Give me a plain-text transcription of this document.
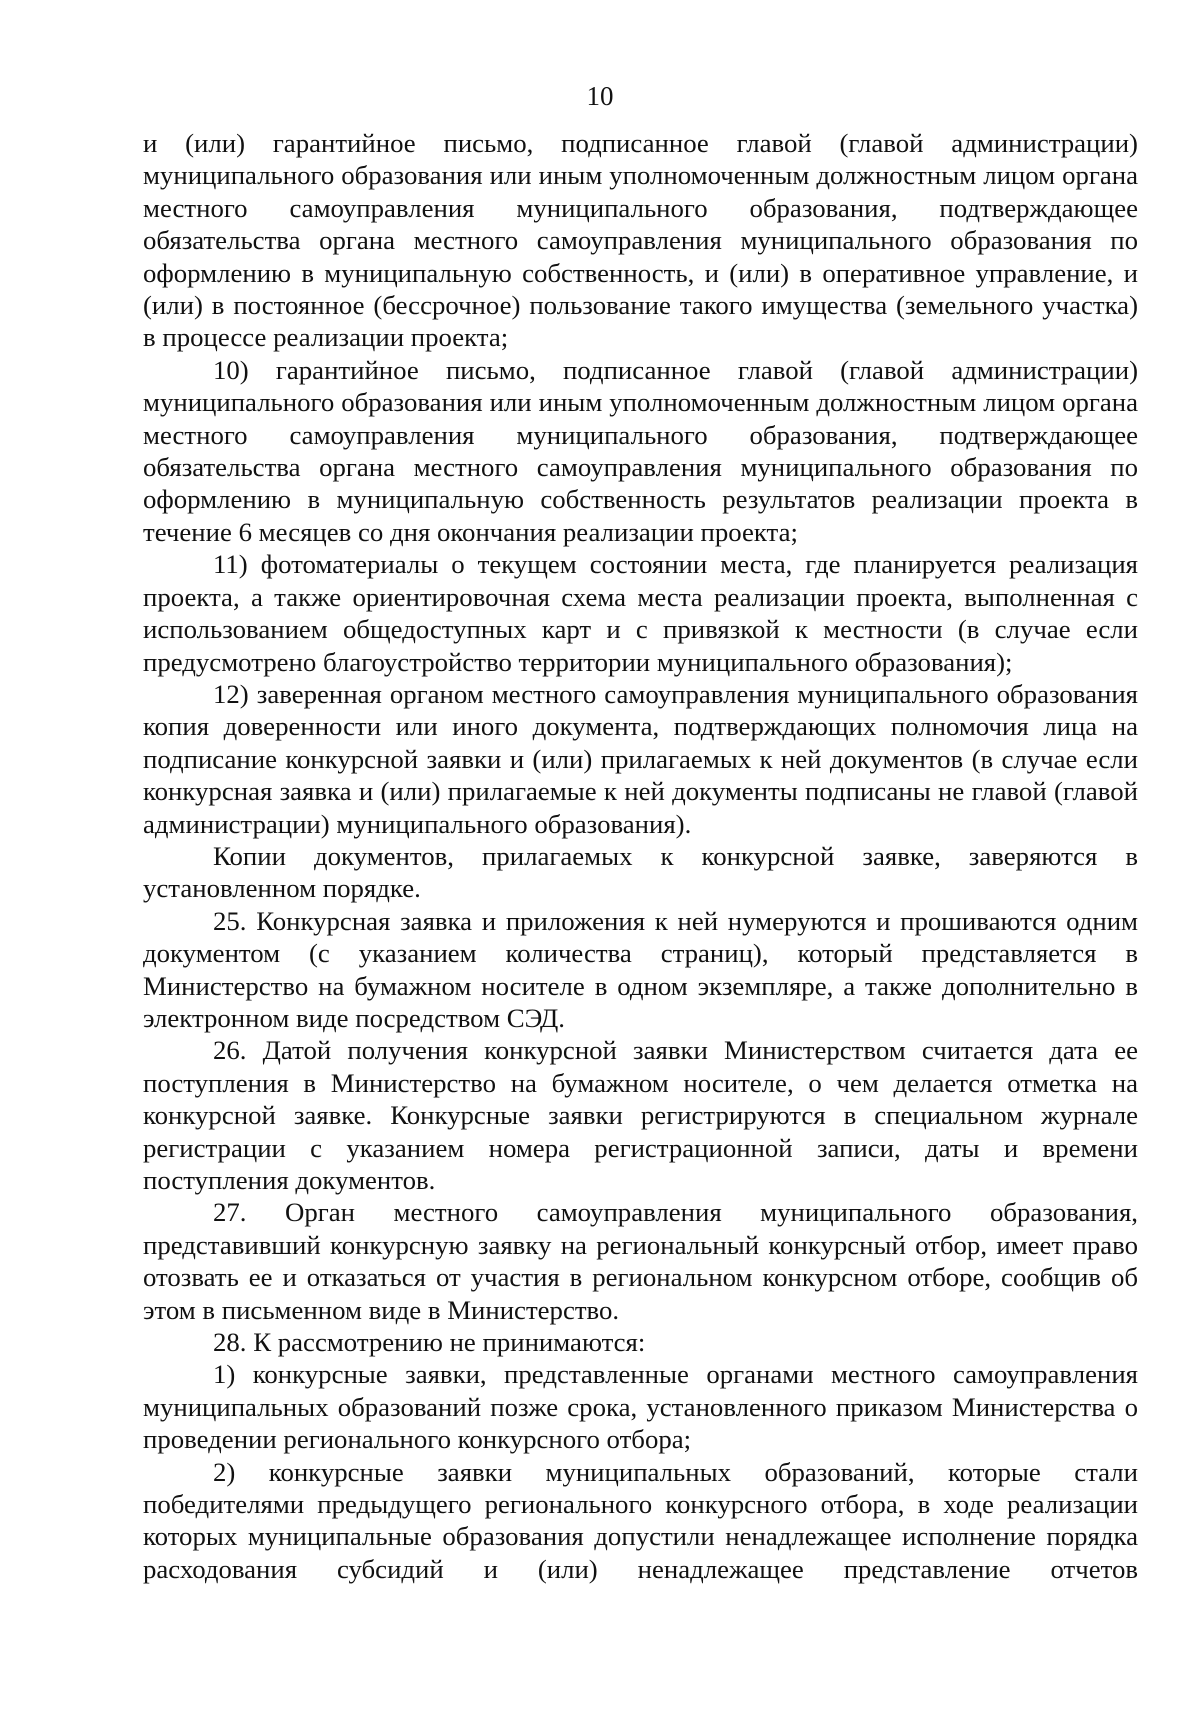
10

и (или) гарантийное письмо, подписанное главой (главой администрации) муниципального образования или иным уполномоченным должностным лицом органа местного самоуправления муниципального образования, подтверждающее обязательства органа местного самоуправления муниципального образования по оформлению в муниципальную собственность, и (или) в оперативное управление, и (или) в постоянное (бессрочное) пользование такого имущества (земельного участка) в процессе реализации проекта;

10) гарантийное письмо, подписанное главой (главой администрации) муниципального образования или иным уполномоченным должностным лицом органа местного самоуправления муниципального образования, подтверждающее обязательства органа местного самоуправления муниципального образования по оформлению в муниципальную собственность результатов реализации проекта в течение 6 месяцев со дня окончания реализации проекта;

11) фотоматериалы о текущем состоянии места, где планируется реализация проекта, а также ориентировочная схема места реализации проекта, выполненная с использованием общедоступных карт и с привязкой к местности (в случае если предусмотрено благоустройство территории муниципального образования);

12) заверенная органом местного самоуправления муниципального образования копия доверенности или иного документа, подтверждающих полномочия лица на подписание конкурсной заявки и (или) прилагаемых к ней документов (в случае если конкурсная заявка и (или) прилагаемые к ней документы подписаны не главой (главой администрации) муниципального образования).

Копии документов, прилагаемых к конкурсной заявке, заверяются в установленном порядке.

25. Конкурсная заявка и приложения к ней нумеруются и прошиваются одним документом (с указанием количества страниц), который представляется в Министерство на бумажном носителе в одном экземпляре, а также дополнительно в электронном виде посредством СЭД.

26. Датой получения конкурсной заявки Министерством считается дата ее поступления в Министерство на бумажном носителе, о чем делается отметка на конкурсной заявке. Конкурсные заявки регистрируются в специальном журнале регистрации с указанием номера регистрационной записи, даты и времени поступления документов.

27. Орган местного самоуправления муниципального образования, представивший конкурсную заявку на региональный конкурсный отбор, имеет право отозвать ее и отказаться от участия в региональном конкурсном отборе, сообщив об этом в письменном виде в Министерство.

28. К рассмотрению не принимаются:

1) конкурсные заявки, представленные органами местного самоуправления муниципальных образований позже срока, установленного приказом Министерства о проведении регионального конкурсного отбора;

2) конкурсные заявки муниципальных образований, которые стали победителями предыдущего регионального конкурсного отбора, в ходе реализации которых муниципальные образования допустили ненадлежащее исполнение порядка расходования субсидий и (или) ненадлежащее представление отчетов
